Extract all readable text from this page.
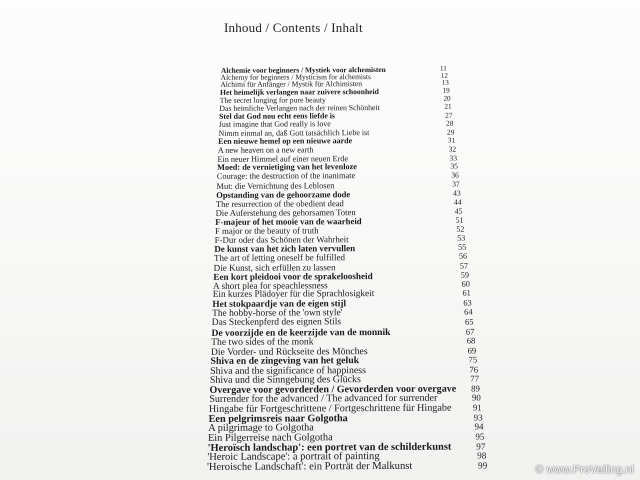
Inhoud / Contents / Inhalt
Alchemie voor beginners / Mystiek voor alchemisten	11
Alchemy for beginners / Mysticism for alchemists	12
Alchimi für Anfänger / Mystik für Alchimisten	13
Het heimelijk verlangen naar zuivere schoonheid	19
The secret longing for pure beauty	20
Das heimliche Verlangen nach der reinen Schönheit	21
Stel dat God nou echt eens liefde is	27
Just imagine that God really is love	28
Nimm einmal an, daß Gott tatsächlich Liebe ist	29
Een nieuwe hemel op een nieuwe aarde	31
A new heaven on a new earth	32
Ein neuer Himmel auf einer neuen Erde	33
Moed: de vernietiging van het levenloze	35
Courage: the destruction of the inanimate	36
Mut: die Vernichtung des Leblosen	37
Opstanding van de gehoorzame dode	43
The resurrection of the obedient dead	44
Die Auferstehung des gehorsamen Toten	45
F-majeur of het mooie van de waarheid	51
F major or the beauty of truth	52
F-Dur oder das Schönen der Wahrheit	53
De kunst van het zich laten vervullen	55
The art of letting oneself be fulfilled	56
Die Kunst, sich erfüllen zu lassen	57
Een kort pleidooi voor de sprakeloosheid	59
A short plea for speachlessness	60
Ein kurzes Plädoyer für die Sprachlosigkeit	61
Het stokpaardje van de eigen stijl	63
The hobby-horse of the 'own style'	64
Das Steckenpferd des eignen Stils	65
De voorzijde en de keerzijde van de monnik	67
The two sides of the monk	68
Die Vorder- und Rückseite des Mönches	69
Shiva en de zingeving van het geluk	75
Shiva and the significance of happiness	76
Shiva und die Sinngebung des Glücks	77
Overgave voor gevorderden / Gevorderden voor overgave 89
Surrender for the advanced / The advanced for surrender	90
Hingabe für Fortgeschrittene / Fortgeschrittene für Hingabe 91
Een pelgrimsreis naar Golgotha	93
A pilgrimage to Golgotha	94
Ein Pilgerreise nach Golgotha	95
'Heroïsch landschap': een portret van de schilderkunst	97
'Heroic Landscape': a portrait of painting	98
'Heroische Landschaft': ein Porträt der Malkunst	99	© www.ProVeiling.nl
